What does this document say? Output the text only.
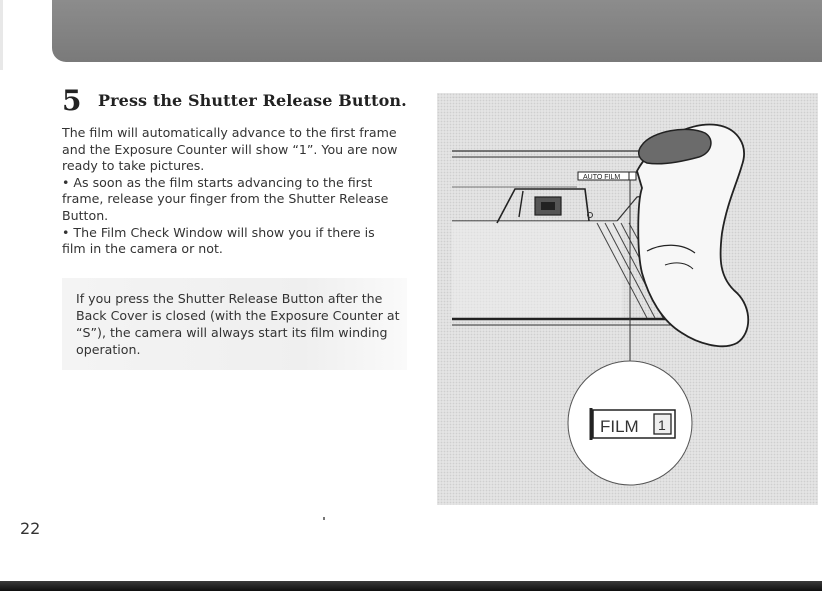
5 Press the Shutter Release Button.

The film will automatically advance to the first frame and the Exposure Counter will show “1”. You are now ready to take pictures.

• As soon as the film starts advancing to the first frame, release your finger from the Shutter Release Button.

• The Film Check Window will show you if there is film in the camera or not.

If you press the Shutter Release Button after the Back Cover is closed (with the Exposure Counter at “S”), the camera will always start its film winding operation.
AUTO FILM
FILM 1
22
